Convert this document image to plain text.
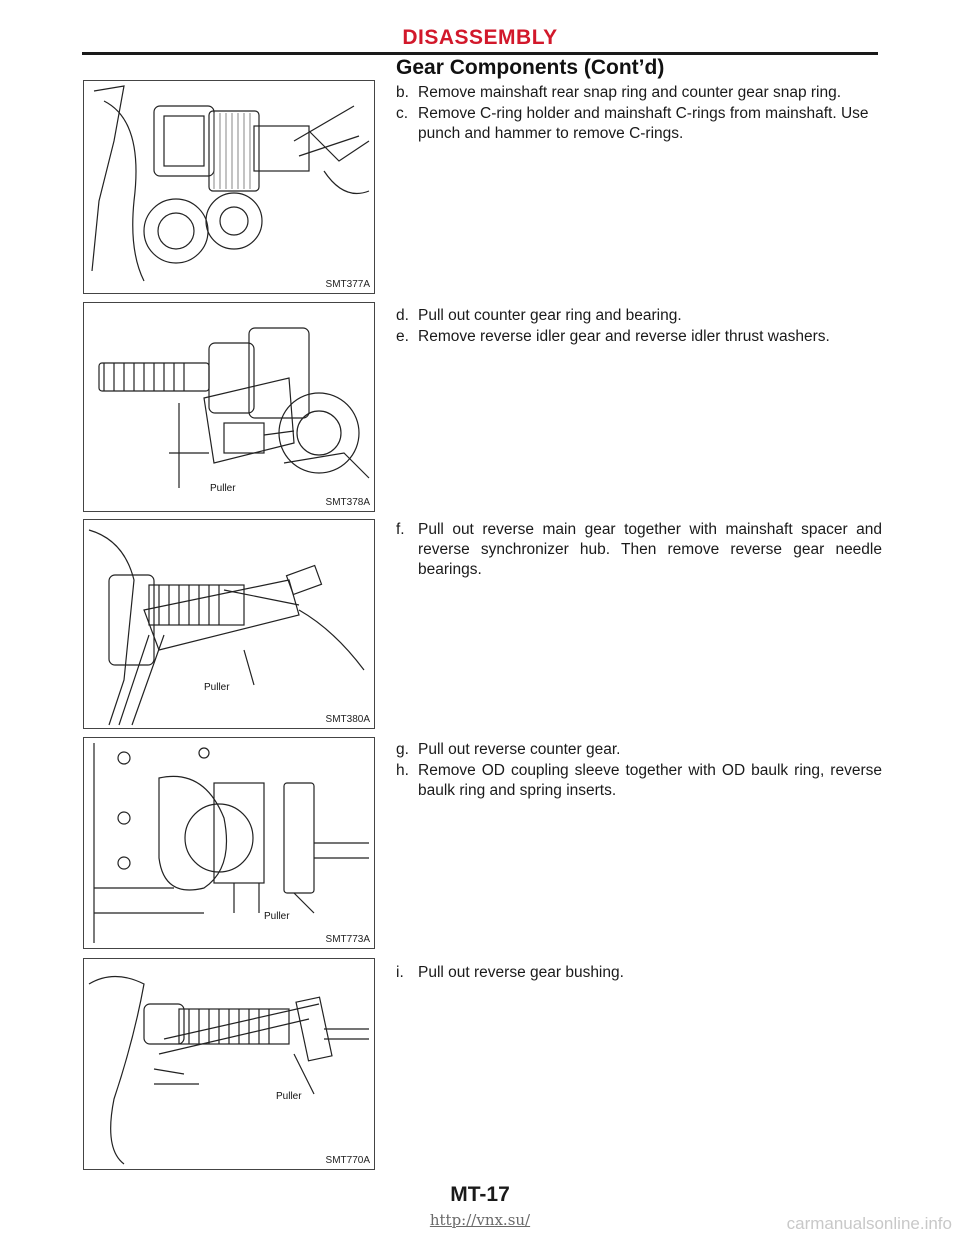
DISASSEMBLY
Gear Components (Cont’d)
SMT377A
SMT378A
Puller
SMT380A
Puller
SMT773A
Puller
SMT770A
Puller
b. Remove mainshaft rear snap ring and counter gear snap ring.
c. Remove C-ring holder and mainshaft C-rings from mainshaft. Use punch and hammer to remove C-rings.
d. Pull out counter gear ring and bearing.
e. Remove reverse idler gear and reverse idler thrust washers.
f. Pull out reverse main gear together with mainshaft spacer and reverse synchronizer hub. Then remove reverse gear needle bearings.
g. Pull out reverse counter gear.
h. Remove OD coupling sleeve together with OD baulk ring, reverse baulk ring and spring inserts.
i. Pull out reverse gear bushing.
MT-17
http://vnx.su/	carmanualsonline.info
